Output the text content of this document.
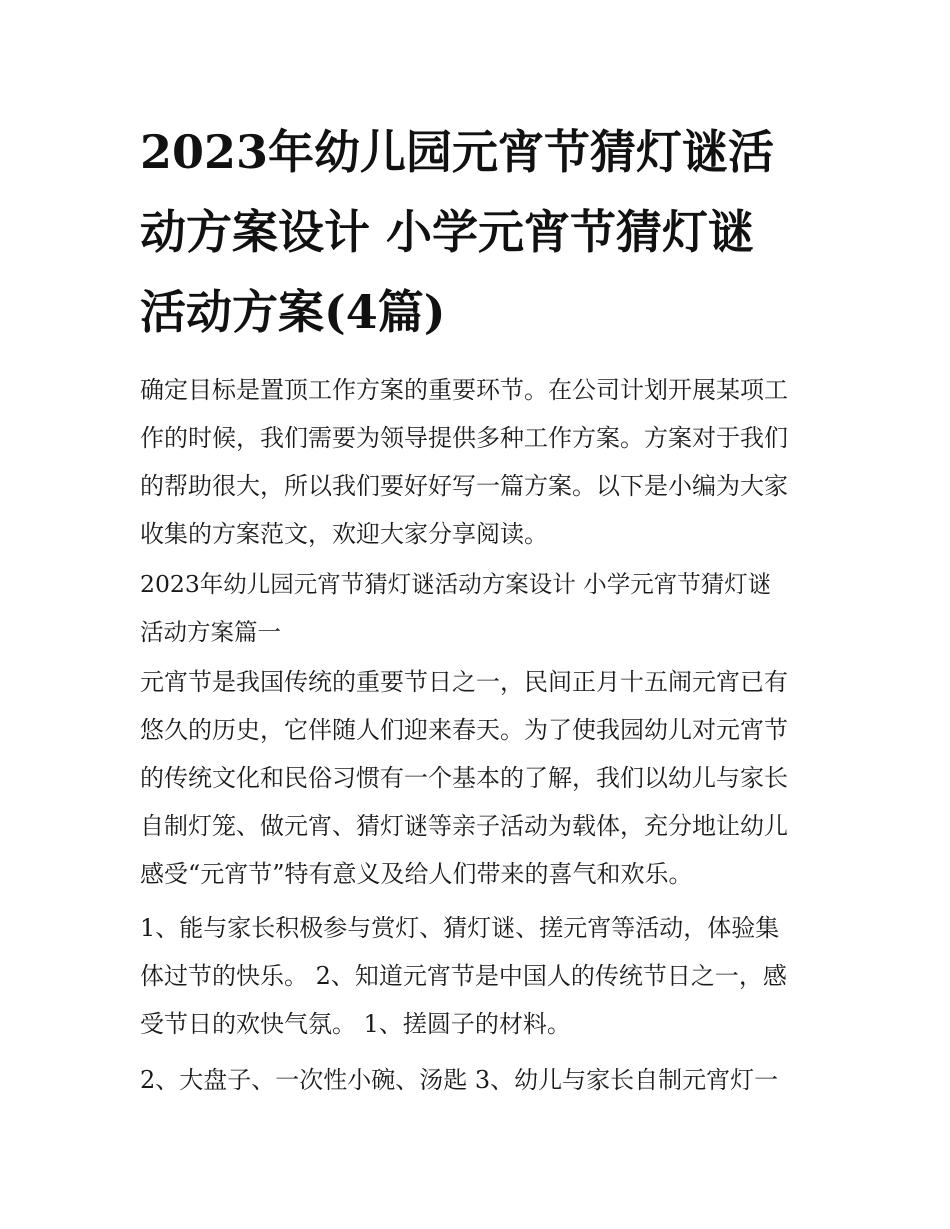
2023年幼儿园元宵节猜灯谜活
动方案设计 小学元宵节猜灯谜
活动方案(4篇)

确定目标是置顶工作方案的重要环节。在公司计划开展某项工
作的时候，我们需要为领导提供多种工作方案。方案对于我们
的帮助很大，所以我们要好好写一篇方案。以下是小编为大家
收集的方案范文，欢迎大家分享阅读。

2023年幼儿园元宵节猜灯谜活动方案设计 小学元宵节猜灯谜
活动方案篇一

元宵节是我国传统的重要节日之一，民间正月十五闹元宵已有
悠久的历史，它伴随人们迎来春天。为了使我园幼儿对元宵节
的传统文化和民俗习惯有一个基本的了解，我们以幼儿与家长
自制灯笼、做元宵、猜灯谜等亲子活动为载体，充分地让幼儿
感受“元宵节”特有意义及给人们带来的喜气和欢乐。

1、能与家长积极参与赏灯、猜灯谜、搓元宵等活动，体验集
体过节的快乐。 2、知道元宵节是中国人的传统节日之一，感
受节日的欢快气氛。 1、搓圆子的材料。

2、大盘子、一次性小碗、汤匙 3、幼儿与家长自制元宵灯一
